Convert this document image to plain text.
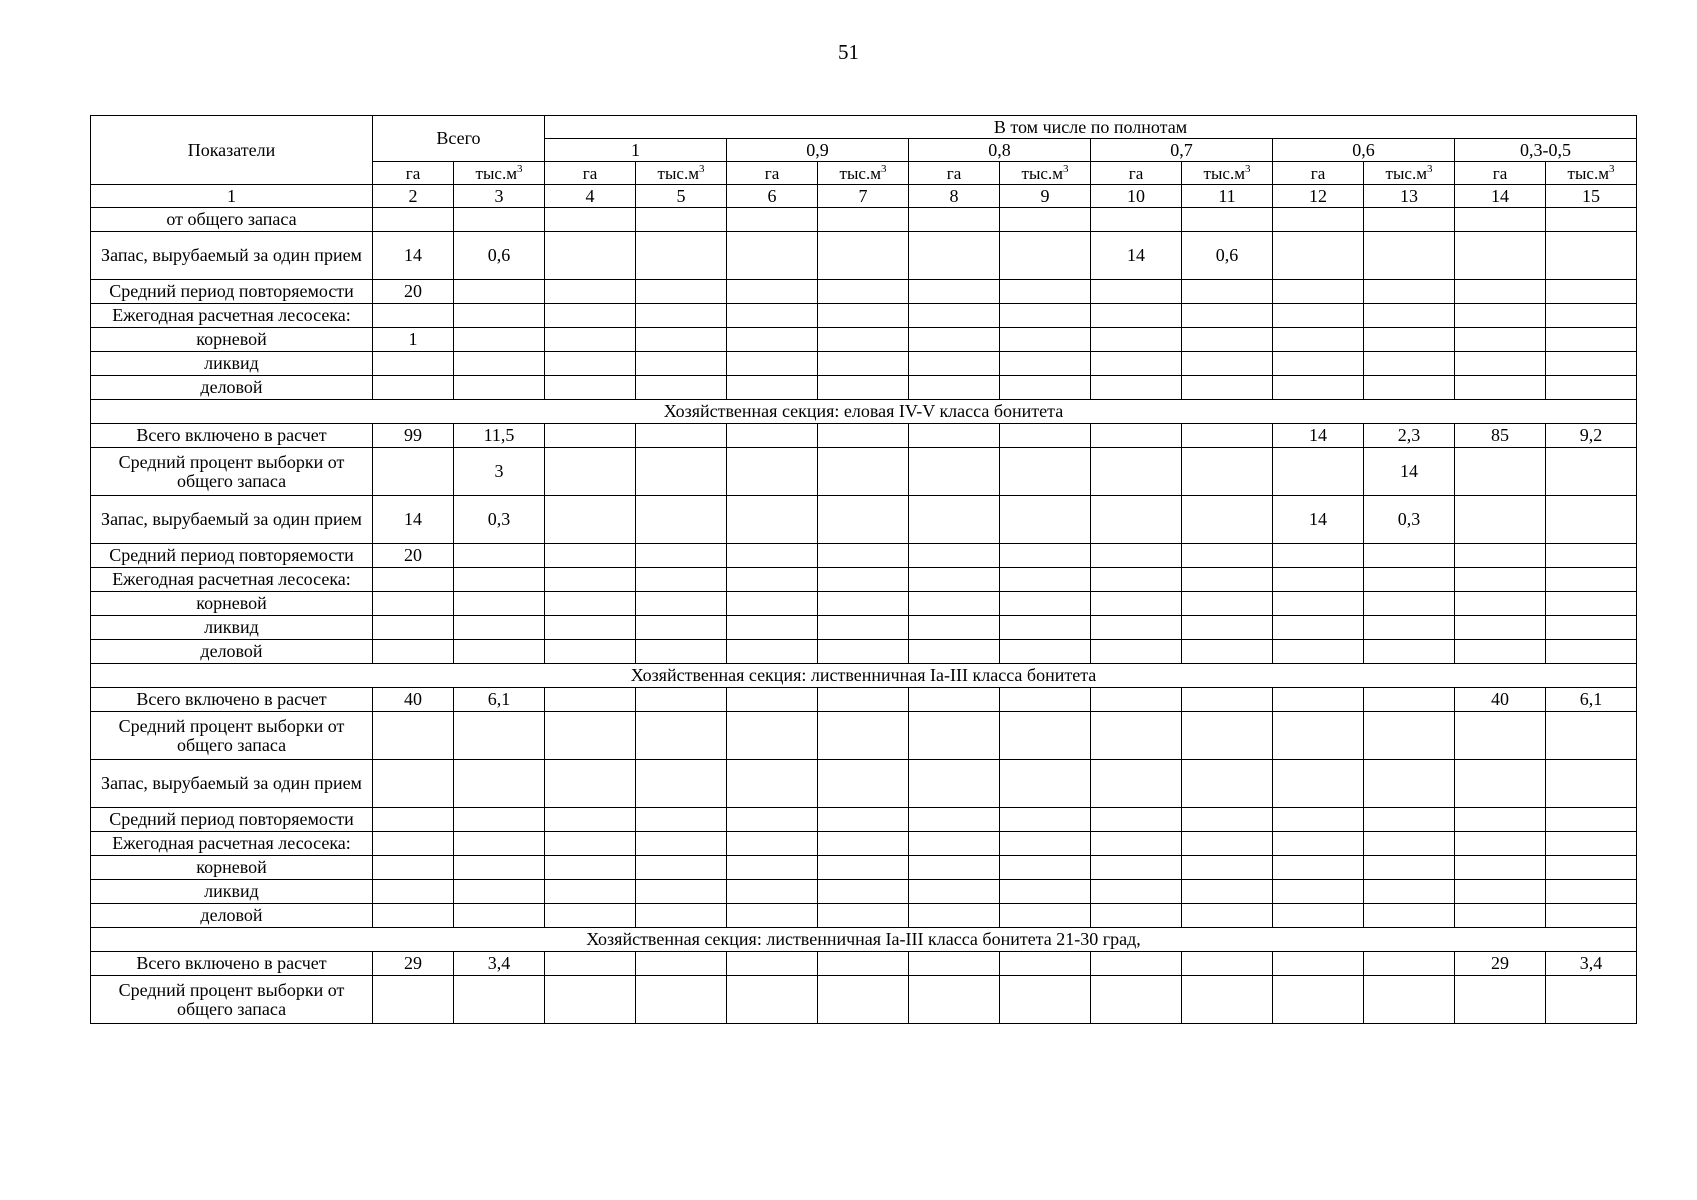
51
Показатели	Всего		В том числе по полнотам											
			1		0,9		0,8		0,7		0,6		0,3-0,5	
	га	$тыс.м^3$	га	$тыс.м^3$	га	$тыс.м^3$	га	$тыс.м^3$	га	$тыс.м^3$	га	$тыс.м^3$	га	$тыс.м^3$
1	2	3	4	5	6	7	8	9	10	11	12	13	14	15
от общего запаса														
Запас, вырубаемый за один прием	14	0,6							14	0,6				
Средний период повторяемости	20													
Ежегодная расчетная лесосека:														
корневой	1													
ликвид														
деловой														
Хозяйственная секция: еловая IV-V класса бонитета														
Всего включено в расчет	99	11,5									14	2,3	85	9,2
Средний процент выборки от общего запаса		3										14		
Запас, вырубаемый за один прием	14	0,3									14	0,3		
Средний период повторяемости	20													
Ежегодная расчетная лесосека:														
корневой														
ликвид														
деловой														
Хозяйственная секция: лиственничная Ia-III класса бонитета														
Всего включено в расчет	40	6,1											40	6,1
Средний процент выборки от общего запаса														
Запас, вырубаемый за один прием														
Средний период повторяемости														
Ежегодная расчетная лесосека:														
корневой														
ликвид														
деловой														
Хозяйственная секция: лиственничная Ia-III класса бонитета 21-30 град,														
Всего включено в расчет	29	3,4											29	3,4
Средний процент выборки от общего запаса														
